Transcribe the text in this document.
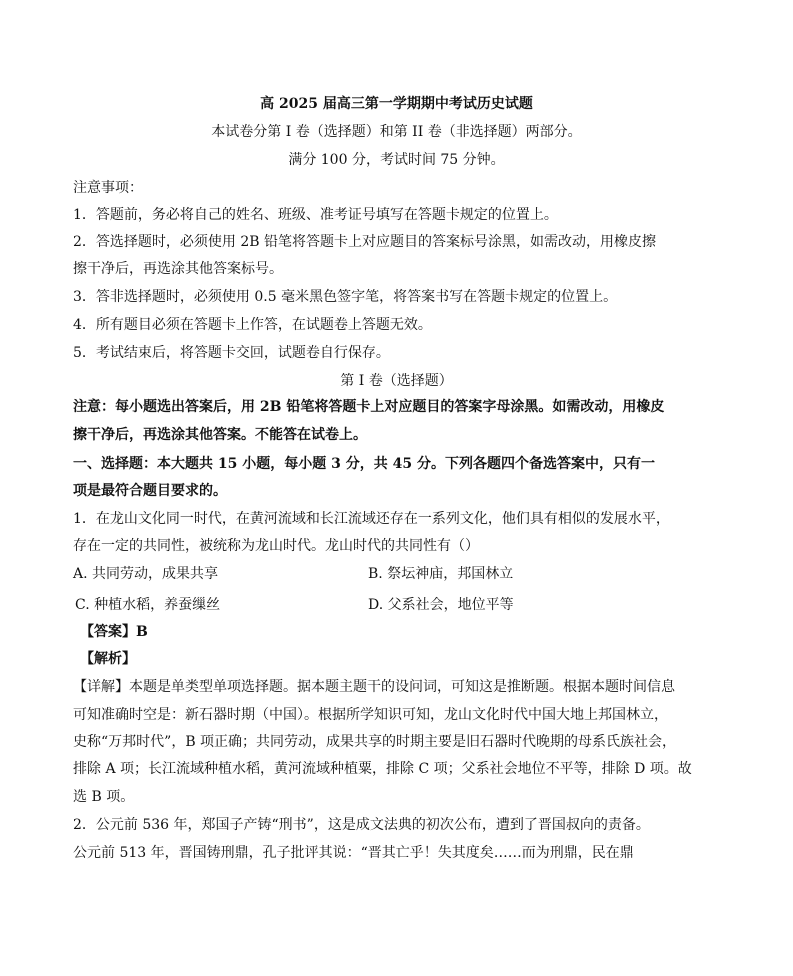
高 2025 届高三第一学期期中考试历史试题
本试卷分第 I 卷（选择题）和第 II 卷（非选择题）两部分。
满分 100 分，考试时间 75 分钟。
注意事项：
1．答题前，务必将自己的姓名、班级、准考证号填写在答题卡规定的位置上。
2．答选择题时，必须使用 2B 铅笔将答题卡上对应题目的答案标号涂黑，如需改动，用橡皮擦
擦干净后，再选涂其他答案标号。
3．答非选择题时，必须使用 0.5 毫米黑色签字笔，将答案书写在答题卡规定的位置上。
4．所有题目必须在答题卡上作答，在试题卷上答题无效。
5．考试结束后，将答题卡交回，试题卷自行保存。
第 I 卷（选择题）
注意：每小题选出答案后，用 2B 铅笔将答题卡上对应题目的答案字母涂黑。如需改动，用橡皮
擦干净后，再选涂其他答案。不能答在试卷上。
一、选择题：本大题共 15 小题，每小题 3 分，共 45 分。下列各题四个备选答案中，只有一
项是最符合题目要求的。
1．在龙山文化同一时代，在黄河流域和长江流域还存在一系列文化，他们具有相似的发展水平，
存在一定的共同性，被统称为龙山时代。龙山时代的共同性有（）
A. 共同劳动，成果共享	B. 祭坛神庙，邦国林立
C. 种植水稻，养蚕缫丝	D. 父系社会，地位平等
【答案】B
【解析】
【详解】本题是单类型单项选择题。据本题主题干的设问词，可知这是推断题。根据本题时间信息
可知准确时空是：新石器时期（中国）。根据所学知识可知，龙山文化时代中国大地上邦国林立，
史称“万邦时代”，B 项正确；共同劳动，成果共享的时期主要是旧石器时代晚期的母系氏族社会，
排除 A 项；长江流域种植水稻，黄河流域种植粟，排除 C 项；父系社会地位不平等，排除 D 项。故
选 B 项。
2．公元前 536 年，郑国子产铸“刑书”，这是成文法典的初次公布，遭到了晋国叔向的责备。
公元前 513 年，晋国铸刑鼎，孔子批评其说：“晋其亡乎！失其度矣……而为刑鼎，民在鼎
